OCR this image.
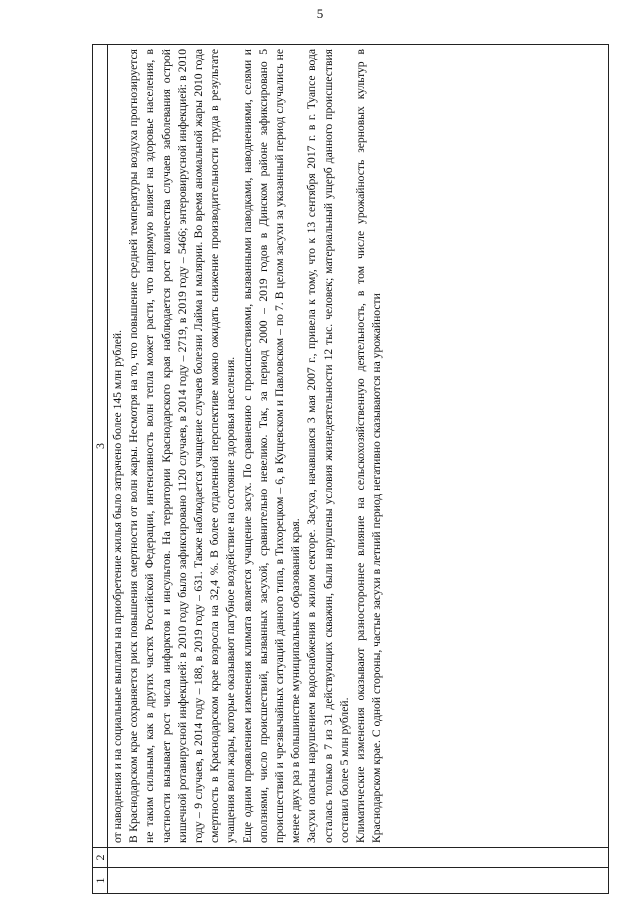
5
1	2	3

		от наводнения и на социальные выплаты на приобретение жилья было затрачено более 145 млн рублей. В Краснодарском крае сохраняется риск повышения смертности от волн жары. Несмотря на то, что повышение средней температуры воздуха прогнозируется не таким сильным, как в других частях Российской Федерации, интенсивность волн тепла может расти, что напрямую влияет на здоровье населения, в частности вызывает рост числа инфарктов и инсультов. На территории Краснодарского края наблюдается рост количества случаев заболевания острой кишечной ротавирусной инфекцией: в 2010 году было зафиксировано 1120 случаев, в 2014 году – 2719, в 2019 году – 5466; энтеровирусной инфекцией: в 2010 году – 9 случаев, в 2014 году – 188, в 2019 году – 631. Также наблюдается учащение случаев болезни Лайма и малярии. Во время аномальной жары 2010 года смертность в Краснодарском крае возросла на 32,4 %. В более отдаленной перспективе можно ожидать снижение производительности труда в результате учащения волн жары, которые оказывают пагубное воздействие на состояние здоровья населения. Еще одним проявлением изменения климата является учащение засух. По сравнению с происшествиями, вызванными паводками, наводнениями, селями и оползнями, число происшествий, вызванных засухой, сравнительно невелико. Так, за период 2000 – 2019 годов в Динском районе зафиксировано 5 происшествий и чрезвычайных ситуаций данного типа, в Тихорецком – 6, в Кущевском и Павловском – по 7. В целом засухи за указанный период случались не менее двух раз в большинстве муниципальных образований края. Засухи опасны нарушением водоснабжения в жилом секторе. Засуха, начавшаяся 3 мая 2007 г., привела к тому, что к 13 сентября 2017 г. в г. Туапсе вода осталась только в 7 из 31 действующих скважин, были нарушены условия жизнедеятельности 12 тыс. человек; материальный ущерб данного происшествия составил более 5 млн рублей. Климатические изменения оказывают разностороннее влияние на сельскохозяйственную деятельность, в том числе урожайность зерновых культур в Краснодарском крае. С одной стороны, частые засухи в летний период негативно сказываются на урожайности
